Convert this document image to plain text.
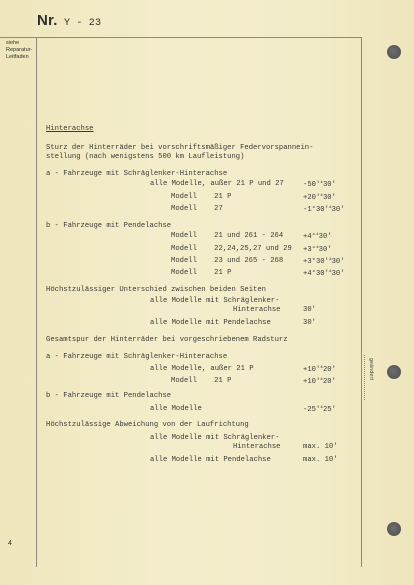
Nr. Y - 23
siehe
Reparatur-
Leitfaden
geändert
4
Hinterachse
Sturz der Hinterräder bei vorschriftsmäßiger Federvorspannein-
stellung (nach wenigstens 500 km Laufleistung)
a - Fahrzeuge mit Schräglenker-Hinterachse
alle Modelle, außer 21 P und 27	-50'±30'
Modell    21 P	+20'±30'
Modell    27	-1°30'±30'
b - Fahrzeuge mit Pendelachse
Modell    21 und 261 - 264	+4°±30'
Modell    22,24,25,27 und 29 +3°±30'
Modell    23 und 265 - 268	+3°30'±30'
Modell    21 P	+4°30'±30'
Höchstzulässiger Unterschied zwischen beiden Seiten
alle Modelle mit Schräglenker-
Hinterachse	30'
alle Modelle mit Pendelachse	30'
Gesamtspur der Hinterräder bei vorgeschriebenem Radsturz
a - Fahrzeuge mit Schräglenker-Hinterachse
alle Modelle, außer 21 P	+10'±20'
Modell    21 P	+10'±20'
b - Fahrzeuge mit Pendelachse
alle Modelle	-25'±25'
Höchstzulässige Abweichung von der Laufrichtung
alle Modelle mit Schräglenker-
Hinterachse	max. 10'
alle Modelle mit Pendelachse	max. 10'
